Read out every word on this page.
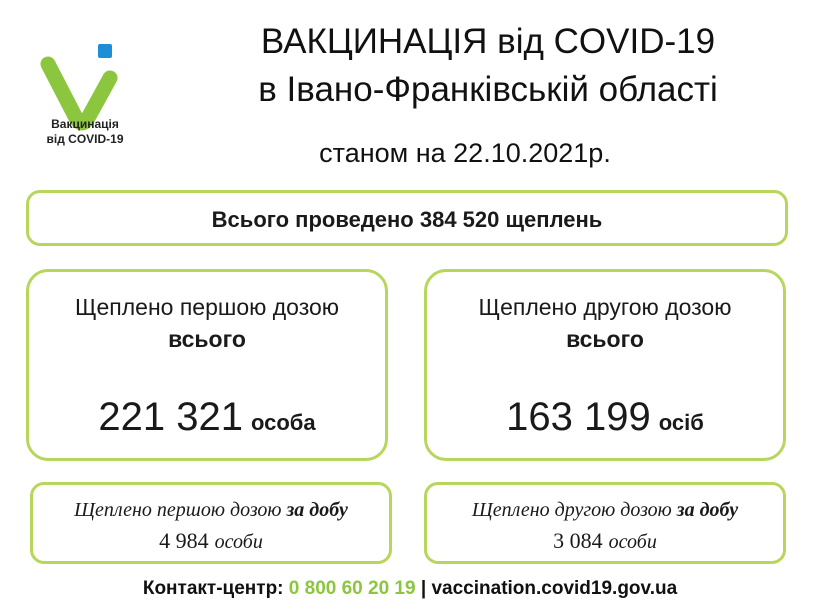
Вакцинація
від COVID-19
ВАКЦИНАЦІЯ від COVID-19
в Івано-Франківській області
станом на 22.10.2021р.
Всього проведено 384 520 щеплень
Щеплено першою дозою
всього
221 321 особа
Щеплено другою дозою
всього
163 199 осіб
Щеплено першою дозою за добу
4 984 особи
Щеплено другою дозою за добу
3 084 особи
Контакт-центр: 0 800 60 20 19 | vaccination.covid19.gov.ua
